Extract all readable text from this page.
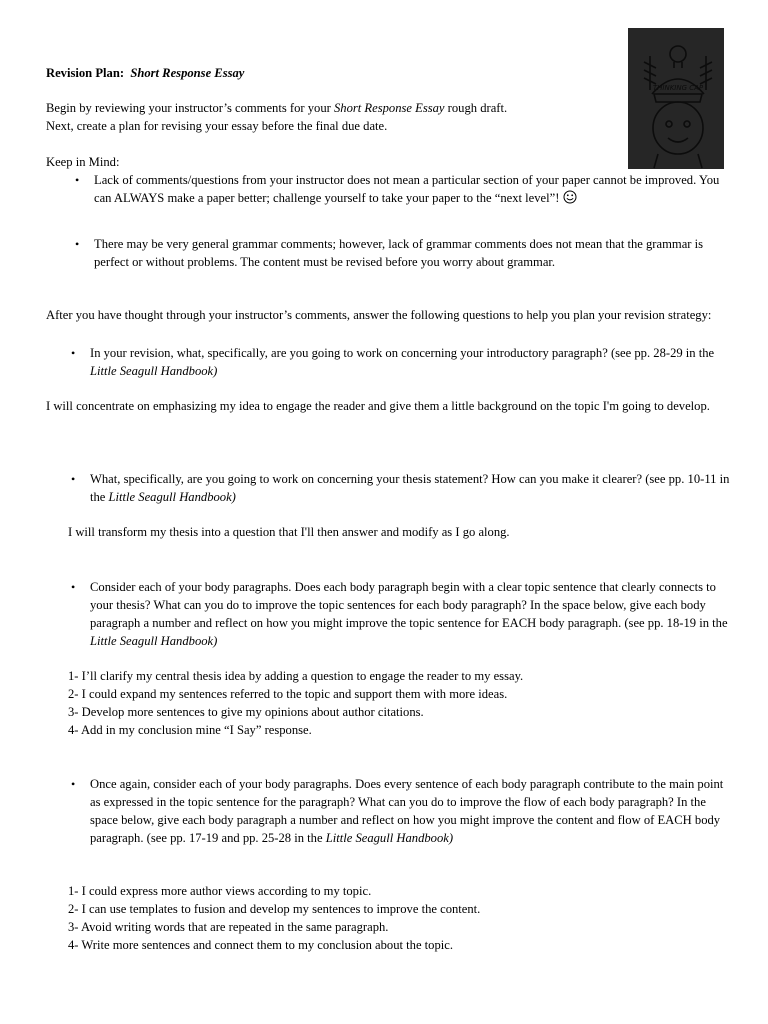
Revision Plan: Short Response Essay
THINKING CAP
Begin by reviewing your instructor’s comments for your Short Response Essay rough draft.
Next, create a plan for revising your essay before the final due date.
Keep in Mind:
• Lack of comments/questions from your instructor does not mean a particular section of your paper cannot be improved. You can ALWAYS make a paper better; challenge yourself to take your paper to the “next level”!
• There may be very general grammar comments; however, lack of grammar comments does not mean that the grammar is perfect or without problems. The content must be revised before you worry about grammar.
After you have thought through your instructor’s comments, answer the following questions to help you plan your revision strategy:
• In your revision, what, specifically, are you going to work on concerning your introductory paragraph? (see pp. 28-29 in the Little Seagull Handbook)
I will concentrate on emphasizing my idea to engage the reader and give them a little background on the topic I'm going to develop.
• What, specifically, are you going to work on concerning your thesis statement? How can you make it clearer? (see pp. 10-11 in the Little Seagull Handbook)
I will transform my thesis into a question that I'll then answer and modify as I go along.
• Consider each of your body paragraphs. Does each body paragraph begin with a clear topic sentence that clearly connects to your thesis? What can you do to improve the topic sentences for each body paragraph? In the space below, give each body paragraph a number and reflect on how you might improve the topic sentence for EACH body paragraph. (see pp. 18-19 in the Little Seagull Handbook)
1- I’ll clarify my central thesis idea by adding a question to engage the reader to my essay.
2- I could expand my sentences referred to the topic and support them with more ideas.
3- Develop more sentences to give my opinions about author citations.
4- Add in my conclusion mine “I Say” response.
• Once again, consider each of your body paragraphs. Does every sentence of each body paragraph contribute to the main point as expressed in the topic sentence for the paragraph? What can you do to improve the flow of each body paragraph? In the space below, give each body paragraph a number and reflect on how you might improve the content and flow of EACH body paragraph. (see pp. 17-19 and pp. 25-28 in the Little Seagull Handbook)
1- I could express more author views according to my topic.
2- I can use templates to fusion and develop my sentences to improve the content.
3- Avoid writing words that are repeated in the same paragraph.
4- Write more sentences and connect them to my conclusion about the topic.
